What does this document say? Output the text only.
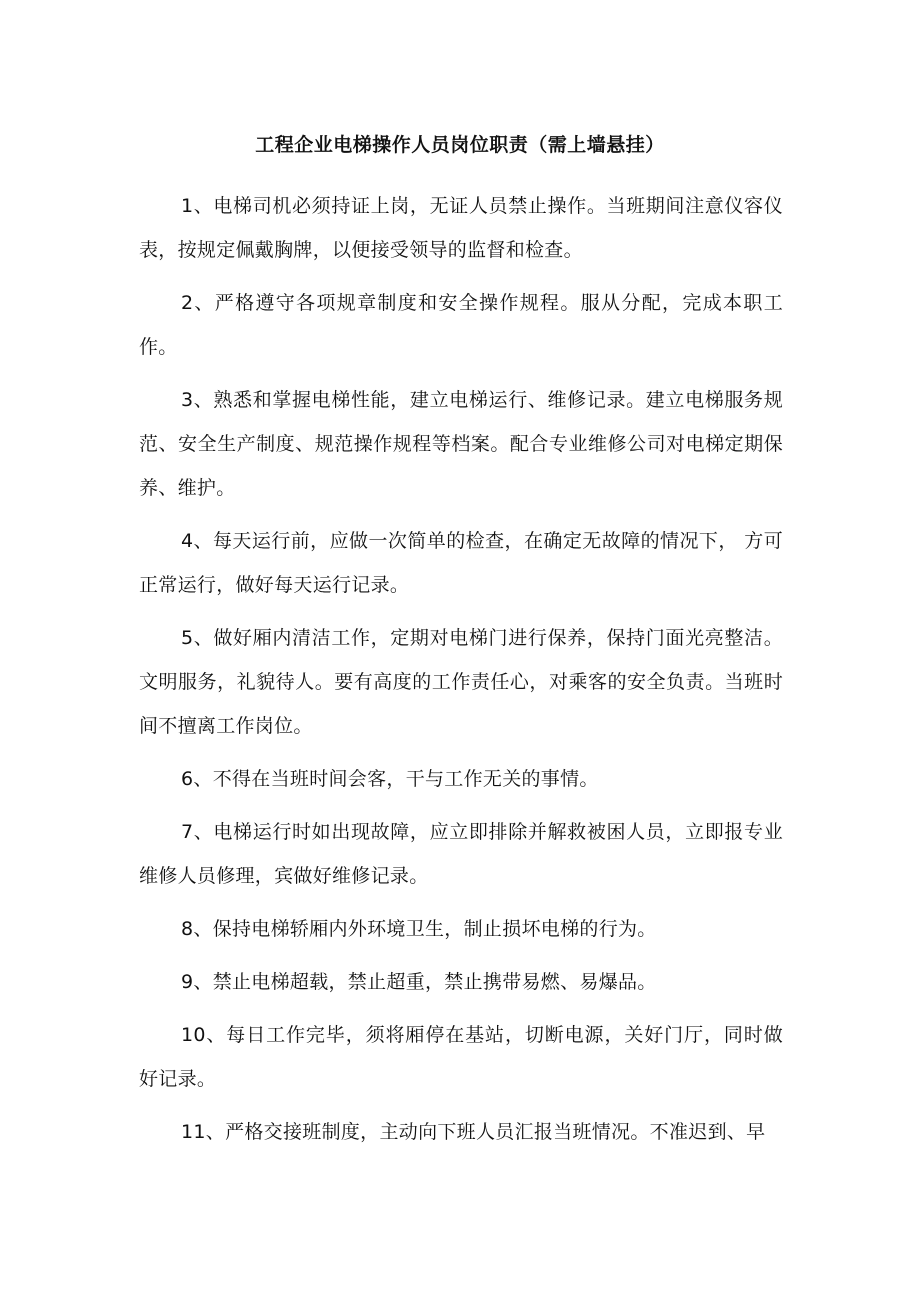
工程企业电梯操作人员岗位职责（需上墙悬挂）

1、电梯司机必须持证上岗，无证人员禁止操作。当班期间注意仪容仪表，按规定佩戴胸牌，以便接受领导的监督和检查。

2、严格遵守各项规章制度和安全操作规程。服从分配，完成本职工作。

3、熟悉和掌握电梯性能，建立电梯运行、维修记录。建立电梯服务规范、安全生产制度、规范操作规程等档案。配合专业维修公司对电梯定期保养、维护。

4、每天运行前，应做一次简单的检查，在确定无故障的情况下， 方可正常运行，做好每天运行记录。

5、做好厢内清洁工作，定期对电梯门进行保养，保持门面光亮整洁。文明服务，礼貌待人。要有高度的工作责任心，对乘客的安全负责。当班时间不擅离工作岗位。

6、不得在当班时间会客，干与工作无关的事情。

7、电梯运行时如出现故障，应立即排除并解救被困人员，立即报专业维修人员修理，宾做好维修记录。

8、保持电梯轿厢内外环境卫生，制止损坏电梯的行为。

9、禁止电梯超载，禁止超重，禁止携带易燃、易爆品。

10、每日工作完毕，须将厢停在基站，切断电源，关好门厅，同时做好记录。

11、严格交接班制度，主动向下班人员汇报当班情况。不准迟到、早
